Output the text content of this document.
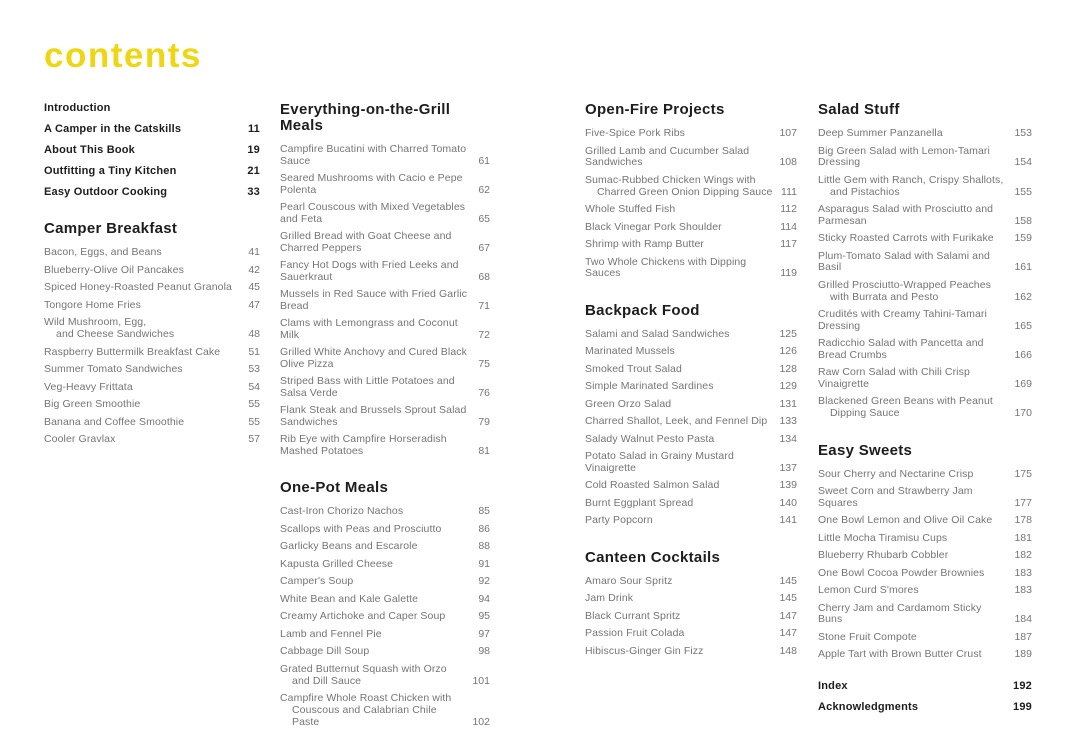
contents
Introduction
A Camper in the Catskills	11
About This Book	19
Outfitting a Tiny Kitchen	21
Easy Outdoor Cooking	33
Camper Breakfast
Bacon, Eggs, and Beans	41
Blueberry-Olive Oil Pancakes	42
Spiced Honey-Roasted Peanut Granola	45
Tongore Home Fries	47
Wild Mushroom, Egg,
and Cheese Sandwiches	48
Raspberry Buttermilk Breakfast Cake	51
Summer Tomato Sandwiches	53
Veg-Heavy Frittata	54
Big Green Smoothie	55
Banana and Coffee Smoothie	55
Cooler Gravlax	57
Everything-on-the-Grill Meals
Campfire Bucatini with Charred Tomato Sauce	61
Seared Mushrooms with Cacio e Pepe Polenta	62
Pearl Couscous with Mixed Vegetables and Feta	65
Grilled Bread with Goat Cheese and Charred Peppers	67
Fancy Hot Dogs with Fried Leeks and Sauerkraut	68
Mussels in Red Sauce with Fried Garlic Bread	71
Clams with Lemongrass and Coconut Milk	72
Grilled White Anchovy and Cured Black Olive Pizza	75
Striped Bass with Little Potatoes and Salsa Verde	76
Flank Steak and Brussels Sprout Salad Sandwiches	79
Rib Eye with Campfire Horseradish Mashed Potatoes	81
One-Pot Meals
Cast-Iron Chorizo Nachos	85
Scallops with Peas and Prosciutto	86
Garlicky Beans and Escarole	88
Kapusta Grilled Cheese	91
Camper's Soup	92
White Bean and Kale Galette	94
Creamy Artichoke and Caper Soup	95
Lamb and Fennel Pie	97
Cabbage Dill Soup	98
Grated Butternut Squash with Orzo
and Dill Sauce	101
Campfire Whole Roast Chicken with
Couscous and Calabrian Chile Paste	102
Open-Fire Projects
Five-Spice Pork Ribs	107
Grilled Lamb and Cucumber Salad Sandwiches	108
Sumac-Rubbed Chicken Wings with
Charred Green Onion Dipping Sauce 111
Whole Stuffed Fish	112
Black Vinegar Pork Shoulder	114
Shrimp with Ramp Butter	117
Two Whole Chickens with Dipping Sauces	119
Backpack Food
Salami and Salad Sandwiches	125
Marinated Mussels	126
Smoked Trout Salad	128
Simple Marinated Sardines	129
Green Orzo Salad	131
Charred Shallot, Leek, and Fennel Dip	133
Salady Walnut Pesto Pasta	134
Potato Salad in Grainy Mustard Vinaigrette	137
Cold Roasted Salmon Salad	139
Burnt Eggplant Spread	140
Party Popcorn	141
Canteen Cocktails
Amaro Sour Spritz	145
Jam Drink	145
Black Currant Spritz	147
Passion Fruit Colada	147
Hibiscus-Ginger Gin Fizz	148
Salad Stuff
Deep Summer Panzanella	153
Big Green Salad with Lemon-Tamari Dressing	154
Little Gem with Ranch, Crispy Shallots,
and Pistachios	155
Asparagus Salad with Prosciutto and Parmesan	158
Sticky Roasted Carrots with Furikake	159
Plum-Tomato Salad with Salami and Basil	161
Grilled Prosciutto-Wrapped Peaches
with Burrata and Pesto	162
Crudités with Creamy Tahini-Tamari Dressing	165
Radicchio Salad with Pancetta and Bread Crumbs	166
Raw Corn Salad with Chili Crisp Vinaigrette	169
Blackened Green Beans with Peanut
Dipping Sauce	170
Easy Sweets
Sour Cherry and Nectarine Crisp	175
Sweet Corn and Strawberry Jam Squares	177
One Bowl Lemon and Olive Oil Cake	178
Little Mocha Tiramisu Cups	181
Blueberry Rhubarb Cobbler	182
One Bowl Cocoa Powder Brownies	183
Lemon Curd S'mores	183
Cherry Jam and Cardamom Sticky Buns	184
Stone Fruit Compote	187
Apple Tart with Brown Butter Crust	189
Index	192
Acknowledgments	199
